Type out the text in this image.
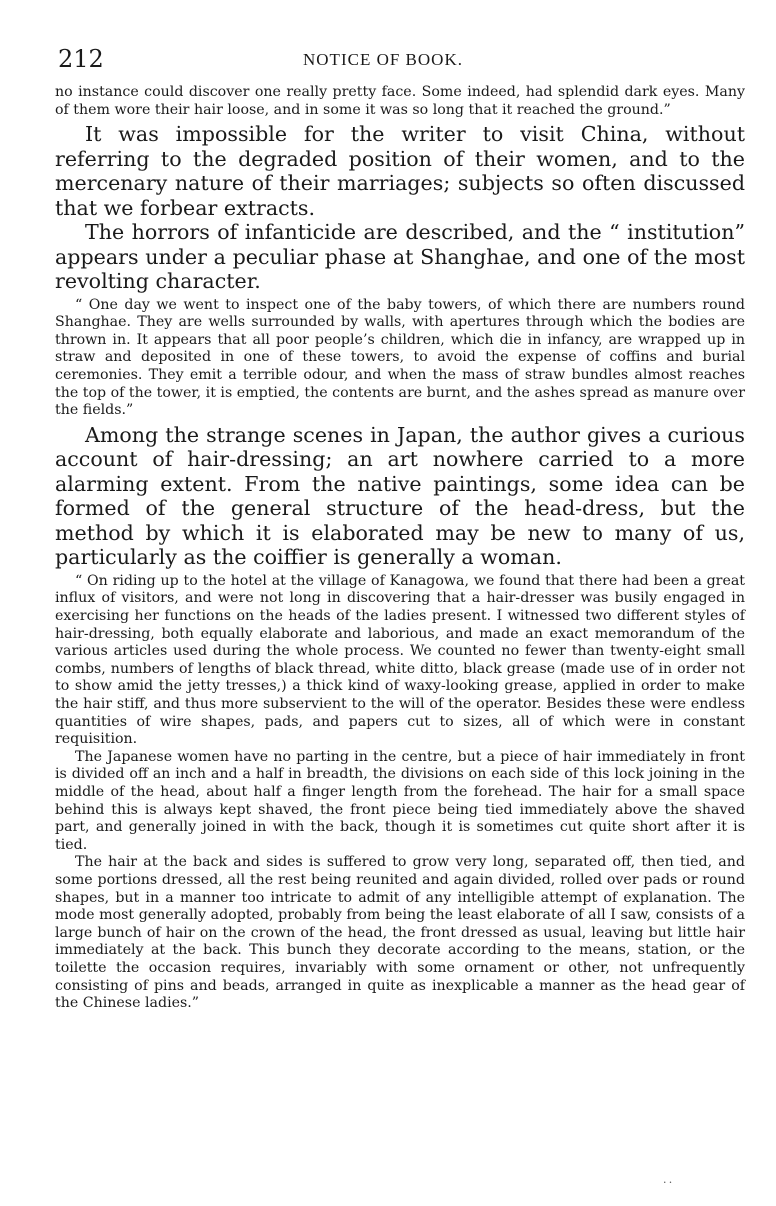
212	NOTICE OF BOOK.

no instance could discover one really pretty face. Some indeed, had splendid dark eyes. Many of them wore their hair loose, and in some it was so long that it reached the ground.”

It was impossible for the writer to visit China, without referring to the degraded position of their women, and to the mercenary nature of their marriages; subjects so often discussed that we forbear extracts.

The horrors of infanticide are described, and the “ institution” appears under a peculiar phase at Shanghae, and one of the most revolting character.

“ One day we went to inspect one of the baby towers, of which there are numbers round Shanghae. They are wells surrounded by walls, with apertures through which the bodies are thrown in. It appears that all poor people’s children, which die in infancy, are wrapped up in straw and deposited in one of these towers, to avoid the expense of coffins and burial ceremonies. They emit a terrible odour, and when the mass of straw bundles almost reaches the top of the tower, it is emptied, the contents are burnt, and the ashes spread as manure over the fields.”

Among the strange scenes in Japan, the author gives a curious account of hair-dressing; an art nowhere carried to a more alarming extent. From the native paintings, some idea can be formed of the general structure of the head-dress, but the method by which it is elaborated may be new to many of us, particularly as the coiffier is generally a woman.

“ On riding up to the hotel at the village of Kanagowa, we found that there had been a great influx of visitors, and were not long in discovering that a hair-dresser was busily engaged in exercising her functions on the heads of the ladies present. I witnessed two different styles of hair-dressing, both equally elaborate and laborious, and made an exact memorandum of the various articles used during the whole process. We counted no fewer than twenty-eight small combs, numbers of lengths of black thread, white ditto, black grease (made use of in order not to show amid the jetty tresses,) a thick kind of waxy-looking grease, applied in order to make the hair stiff, and thus more subservient to the will of the operator. Besides these were endless quantities of wire shapes, pads, and papers cut to sizes, all of which were in constant requisition.

The Japanese women have no parting in the centre, but a piece of hair immediately in front is divided off an inch and a half in breadth, the divisions on each side of this lock joining in the middle of the head, about half a finger length from the forehead. The hair for a small space behind this is always kept shaved, the front piece being tied immediately above the shaved part, and generally joined in with the back, though it is sometimes cut quite short after it is tied.

The hair at the back and sides is suffered to grow very long, separated off, then tied, and some portions dressed, all the rest being reunited and again divided, rolled over pads or round shapes, but in a manner too intricate to admit of any intelligible attempt of explanation. The mode most generally adopted, probably from being the least elaborate of all I saw, consists of a large bunch of hair on the crown of the head, the front dressed as usual, leaving but little hair immediately at the back. This bunch they decorate according to the means, station, or the toilette the occasion requires, invariably with some ornament or other, not unfrequently consisting of pins and beads, arranged in quite as inexplicable a manner as the head gear of the Chinese ladies.”

· ·
